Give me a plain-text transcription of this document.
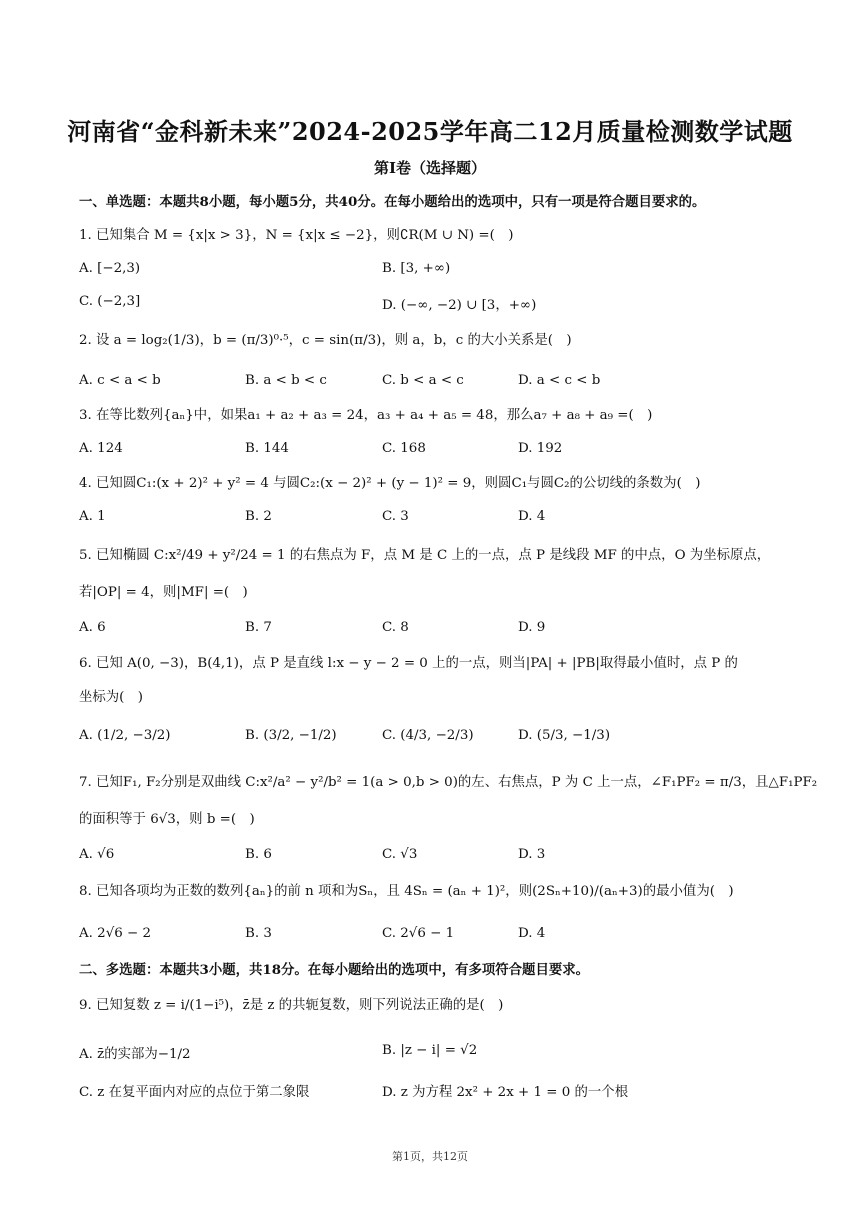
河南省“金科新未来”2024-2025学年高二12月质量检测数学试题
第I卷（选择题）
一、单选题：本题共8小题，每小题5分，共40分。在每小题给出的选项中，只有一项是符合题目要求的。
1. 已知集合 M = {x|x > 3}，N = {x|x ≤ −2}，则∁R(M ∪ N) =(　)
A. [−2,3)	B. [3, +∞)
C. (−2,3]	D. (−∞, −2) ∪ [3，+∞)
2. 设 a = log₂(1/3)，b = (π/3)⁰·⁵，c = sin(π/3)，则 a，b，c 的大小关系是(　)
A. c < a < b	B. a < b < c	C. b < a < c	D. a < c < b
3. 在等比数列{aₙ}中，如果a₁ + a₂ + a₃ = 24，a₃ + a₄ + a₅ = 48，那么a₇ + a₈ + a₉ =(　)
A. 124	B. 144	C. 168	D. 192
4. 已知圆C₁:(x + 2)² + y² = 4 与圆C₂:(x − 2)² + (y − 1)² = 9，则圆C₁与圆C₂的公切线的条数为(　)
A. 1	B. 2	C. 3	D. 4
5. 已知椭圆 C:x²/49 + y²/24 = 1 的右焦点为 F，点 M 是 C 上的一点，点 P 是线段 MF 的中点，O 为坐标原点，
若|OP| = 4，则|MF| =(　)
A. 6	B. 7	C. 8	D. 9
6. 已知 A(0, −3)，B(4,1)，点 P 是直线 l:x − y − 2 = 0 上的一点，则当|PA| + |PB|取得最小值时，点 P 的
坐标为(　)
A. (1/2, −3/2)	B. (3/2, −1/2)	C. (4/3, −2/3)	D. (5/3, −1/3)
7. 已知F₁, F₂分别是双曲线 C:x²/a² − y²/b² = 1(a > 0,b > 0)的左、右焦点，P 为 C 上一点，∠F₁PF₂ = π/3，且△F₁PF₂
的面积等于 6√3，则 b =(　)
A. √6	B. 6	C. √3	D. 3
8. 已知各项均为正数的数列{aₙ}的前 n 项和为Sₙ，且 4Sₙ = (aₙ + 1)²，则(2Sₙ+10)/(aₙ+3)的最小值为(　)
A. 2√6 − 2	B. 3	C. 2√6 − 1	D. 4
二、多选题：本题共3小题，共18分。在每小题给出的选项中，有多项符合题目要求。
9. 已知复数 z = i/(1−i⁵)，z̄是 z 的共轭复数，则下列说法正确的是(　)
A. z̄的实部为−1/2	B. |z − i| = √2
C. z 在复平面内对应的点位于第二象限	D. z 为方程 2x² + 2x + 1 = 0 的一个根
第1页，共12页
